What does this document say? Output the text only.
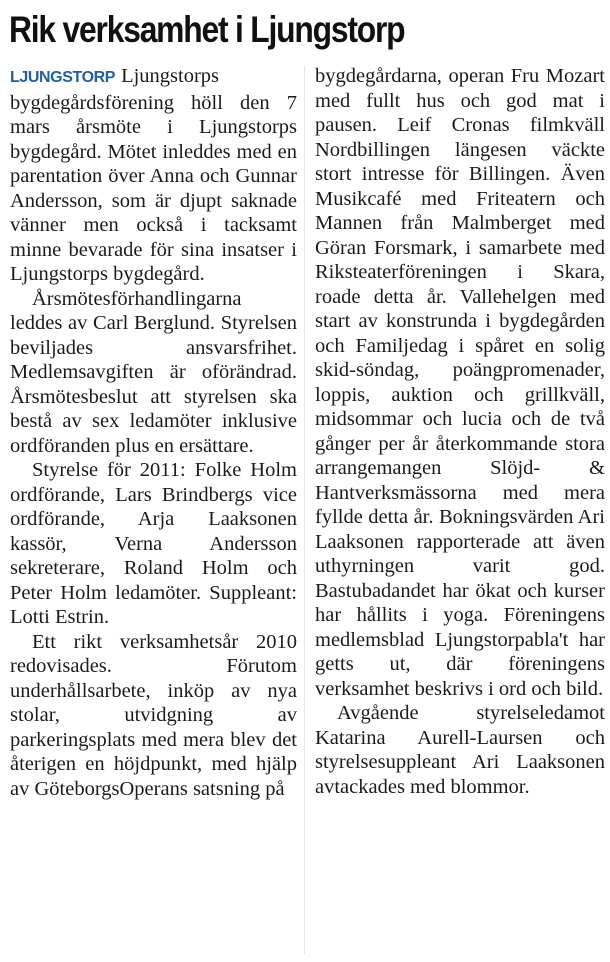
Rik verksamhet i Ljungstorp

LJUNGSTORP Ljungstorps bygdegårdsförening höll den 7 mars årsmöte i Ljungstorps bygdegård. Mötet inleddes med en parentation över Anna och Gunnar Andersson, som är djupt saknade vänner men också i tacksamt minne bevarade för sina insatser i Ljungstorps bygdegård.

Årsmötesförhandlingarna leddes av Carl Berglund. Styrelsen beviljades ansvarsfrihet. Medlemsavgiften är oförändrad. Årsmötesbeslut att styrelsen ska bestå av sex ledamöter inklusive ordföranden plus en ersättare.

Styrelse för 2011: Folke Holm ordförande, Lars Brindbergs vice ordförande, Arja Laaksonen kassör, Verna Andersson sekreterare, Roland Holm och Peter Holm ledamöter. Suppleant: Lotti Estrin.

Ett rikt verksamhetsår 2010 redovisades. Förutom underhållsarbete, inköp av nya stolar, utvidgning av parkeringsplats med mera blev det återigen en höjdpunkt, med hjälp av GöteborgsOperans satsning på

bygdegårdarna, operan Fru Mozart med fullt hus och god mat i pausen. Leif Cronas filmkväll Nordbillingen längesen väckte stort intresse för Billingen. Även Musikcafé med Friteatern och Mannen från Malmberget med Göran Forsmark, i samarbete med Riksteaterföreningen i Skara, roade detta år. Vallehelgen med start av konstrunda i bygdegården och Familjedag i spåret en solig skid-söndag, poängpromenader, loppis, auktion och grillkväll, midsommar och lucia och de två gånger per år återkommande stora arrangemangen Slöjd- & Hantverksmässorna med mera fyllde detta år. Bokningsvärden Ari Laaksonen rapporterade att även uthyrningen varit god. Bastubadandet har ökat och kurser har hållits i yoga. Föreningens medlemsblad Ljungstorpabla't har getts ut, där föreningens verksamhet beskrivs i ord och bild.

Avgående styrelseledamot Katarina Aurell-Laursen och styrelsesuppleant Ari Laaksonen avtackades med blommor.
